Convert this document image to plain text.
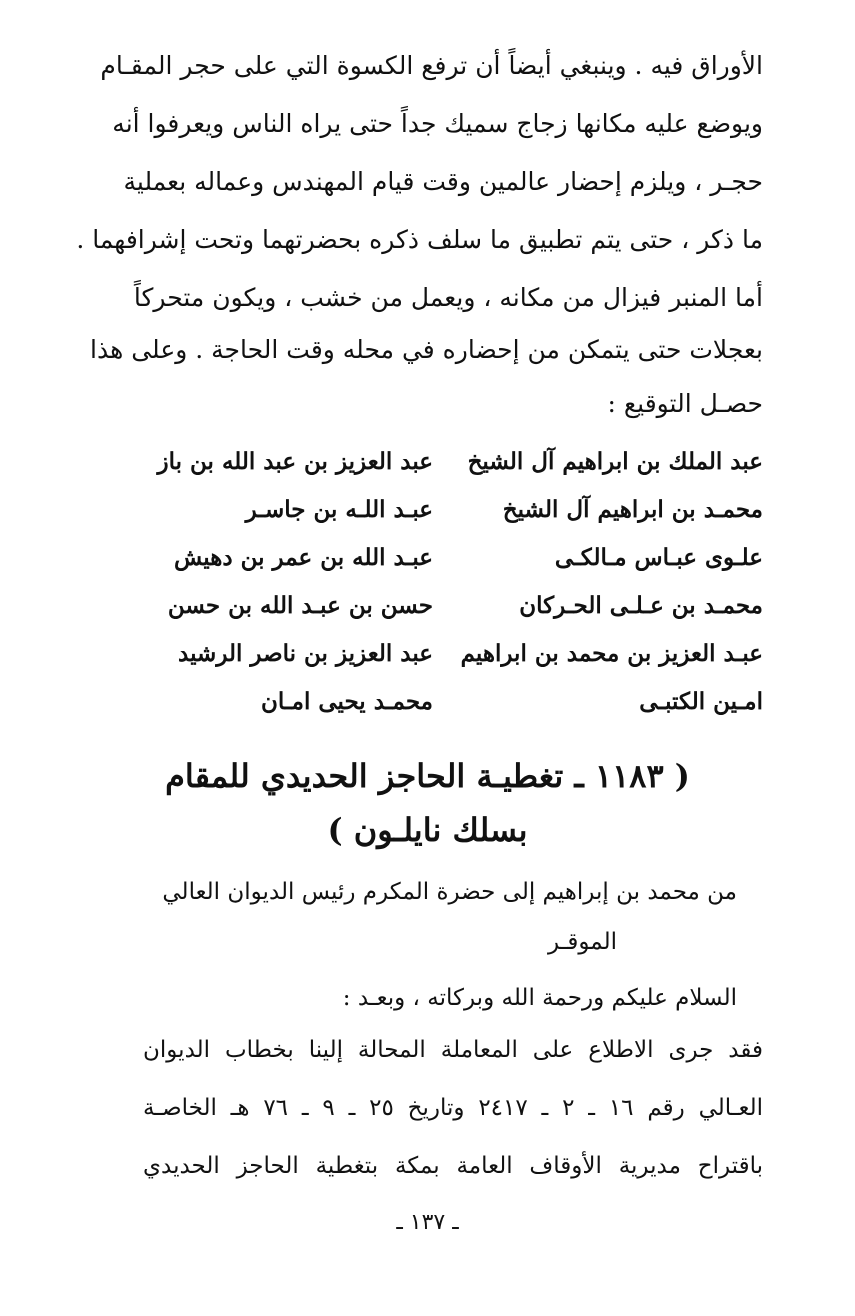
الأوراق فيه . وينبغي أيضاً أن ترفع الكسوة التي على حجر المقـام
ويوضع عليه مكانها زجاج سميك جداً حتى يراه الناس ويعرفوا أنه
حجـر ، ويلزم إحضار عالمين وقت قيام المهندس وعماله بعملية
ما ذكر ، حتى يتم تطبيق ما سلف ذكره بحضرتهما وتحت إشرافهما .
أما المنبر فيزال من مكانه ، ويعمل من خشب ، ويكون متحركاً
بعجلات حتى يتمكن من إحضاره في محله وقت الحاجة . وعلى هذا
حصـل التوقيع :
عبد الملك بن ابراهيم آل الشيخ
عبد العزيز بن عبد الله بن باز
محمـد بن ابراهيم آل الشيخ
عبـد اللـه بن جاسـر
علـوى عبـاس مـالكـى
عبـد الله بن عمر بن دهيش
محمـد بن عـلـى الحـركان
حسن بن عبـد الله بن حسن
عبـد العزيز بن محمد بن ابراهيم
عبد العزيز بن ناصر الرشيد
امـين الكتبـى
محمـد يحيى امـان
( ١١٨٣ ـ تغطيـة الحاجز الحديدي للمقام
بسلك نايلـون )
من محمد بن إبراهيم إلى حضرة المكرم رئيس الديوان العالي
الموقـر
السلام عليكم ورحمة الله وبركاته ، وبعـد :
فقد جرى الاطلاع على المعاملة المحالة إلينا بخطاب الديوان
العـالي رقم ١٦ ـ ٢ ـ ٢٤١٧ وتاريخ ٢٥ ـ ٩ ـ ٧٦ هـ الخاصـة
باقتراح مديرية الأوقاف العامة بمكة بتغطية الحاجز الحديدي
ـ ١٣٧ ـ
